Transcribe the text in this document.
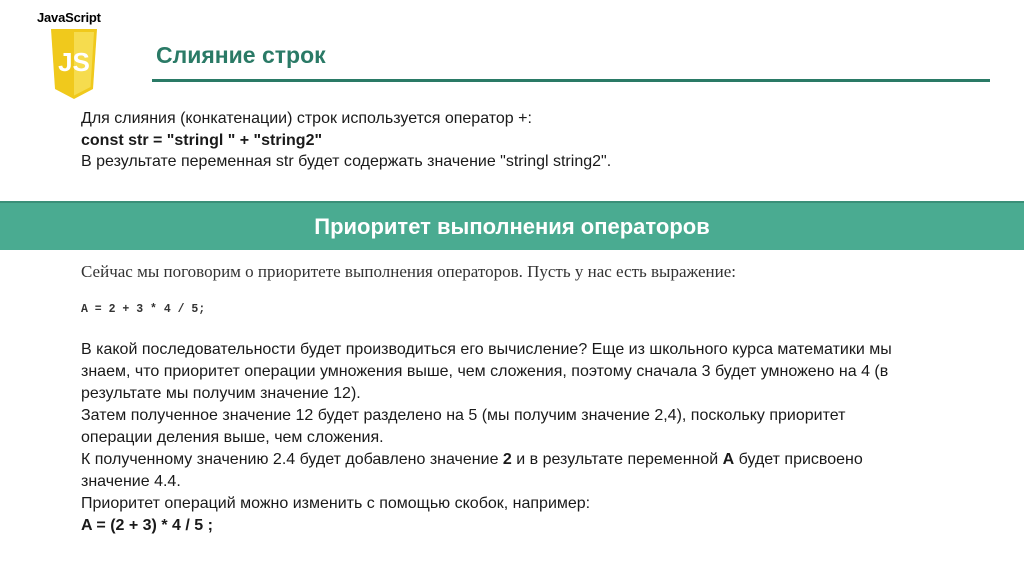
JavaScript
JS	Слияние строк
Для слияния (конкатенации) строк используется оператор +:
const str = "stringl " + "string2"
В результате переменная str будет содержать значение "stringl string2".
Приоритет выполнения операторов
Сейчас мы поговорим о приоритете выполнения операторов. Пусть у нас есть выражение:
A = 2 + 3 * 4 / 5;
В какой последовательности будет производиться его вычисление? Еще из школьного курса математики мы
знаем, что приоритет операции умножения выше, чем сложения, поэтому сначала 3 будет умножено на 4 (в
результате мы получим значение 12).
Затем полученное значение 12 будет разделено на 5 (мы получим значение 2,4), поскольку приоритет
операции деления выше, чем сложения.
К полученному значению 2.4 будет добавлено значение 2 и в результате переменной A будет присвоено
значение 4.4.
Приоритет операций можно изменить с помощью скобок, например:
A = (2 + 3) * 4 / 5 ;
